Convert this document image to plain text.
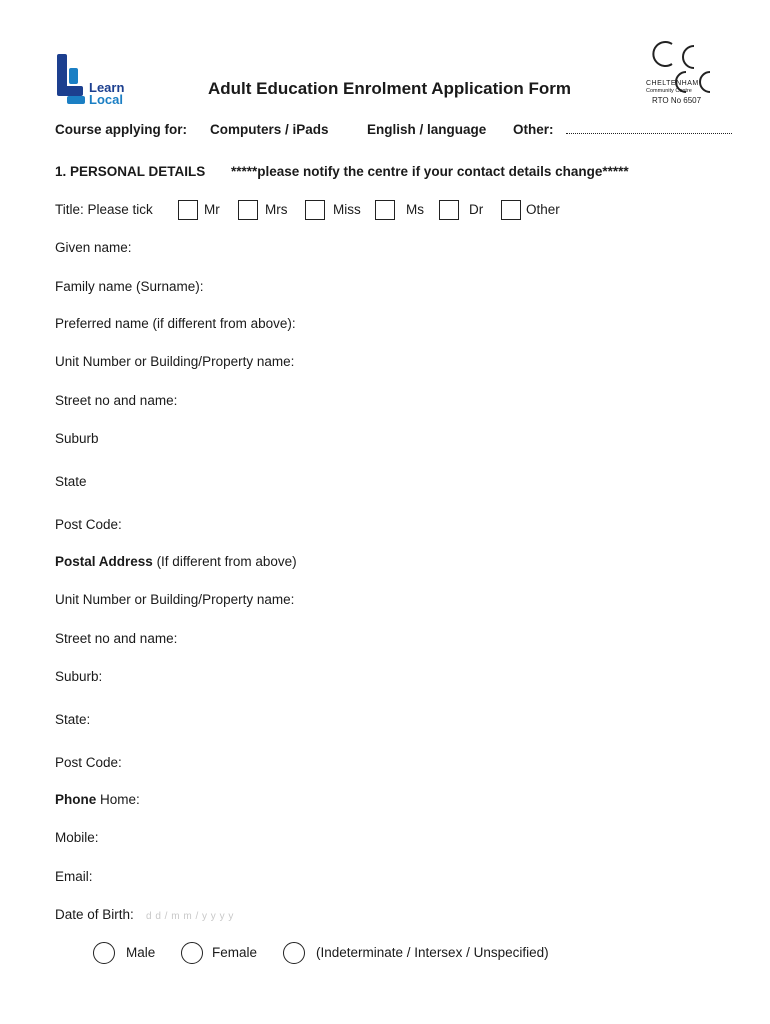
Learn
Local
Adult Education Enrolment Application Form	CHELTENHAM
Community Centre
RTO No 6507
Course applying for: Computers / iPads	English / language Other:
1. PERSONAL DETAILS *****please notify the centre if your contact details change*****
Title: Please tick	Mr	Mrs	Miss	Ms	Dr	Other
Given name:
Family name (Surname):
Preferred name (if different from above):
Unit Number or Building/Property name:
Street no and name:
Suburb
State
Post Code:
Postal Address (If different from above)
Unit Number or Building/Property name:
Street no and name:
Suburb:
State:
Post Code:
Phone Home:
Mobile:
Email:
Date of Birth: d d / m m / y y y y
Male	Female	(Indeterminate / Intersex / Unspecified)
